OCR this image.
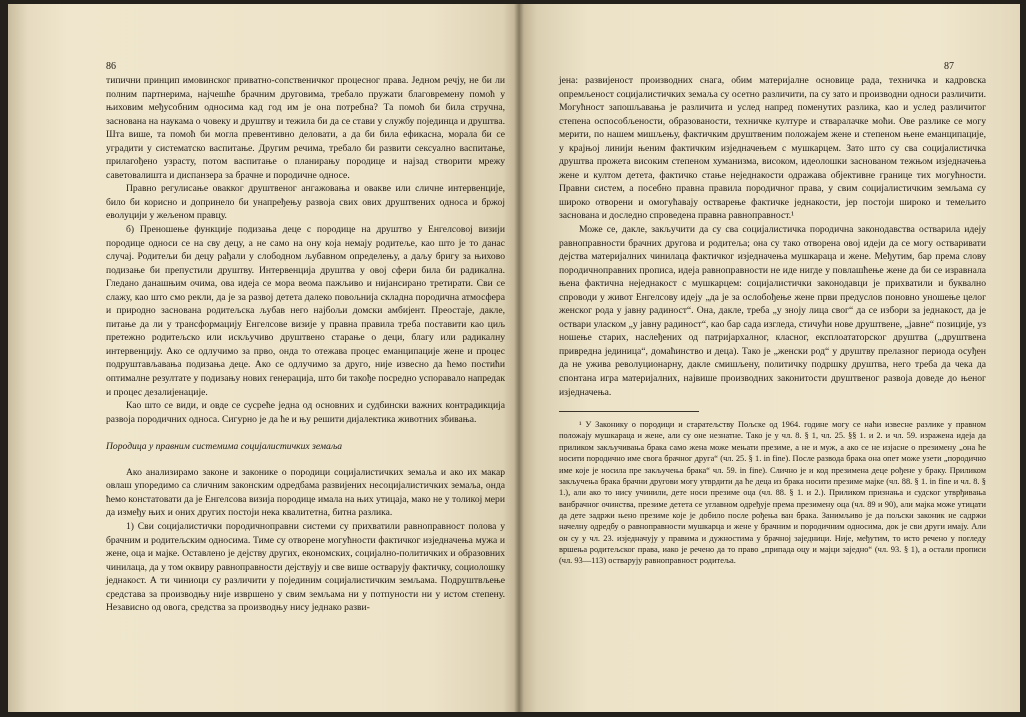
86

типични принцип имовинског приватно-сопственичког процесног права. Једном речју, не би ли полним партнерима, најчешће брачним друговима, требало пружати благовремену помоћ у њиховим међусобним односима кад год им је она потребна? Та помоћ би била стручна, заснована на наукама о човеку и друштву и тежила би да се стави у службу појединца и друштва. Шта више, та помоћ би могла превентивно деловати, а да би била ефикасна, морала би се уградити у систематско васпитање. Другим речима, требало би развити сексуално васпитање, прилагођено узрасту, потом васпитање о планирању породице и најзад створити мрежу саветовалишта и диспанзера за брачне и породичне односе.

Правно регулисање овакког друштвеног ангажовања и овакве или сличне интервенције, било би корисно и допринело би унапређењу развоја свих ових друштвених односа и бржој еволуцији у жељеном правцу.

б) Преношење функције подизања деце с породице на друштво у Енгелсовој визији породице односи се на сву децу, а не само на ону која немају родитеље, као што је то данас случај. Родитељи би децу рађали у слободном љубавном определењу, а даљу бригу за њихово подизање би препустили друштву. Интервенција друштва у овој сфери била би радикална. Гледано данашњим очима, ова идеја се мора веома пажљиво и нијансирано третирати. Сви се слажу, као што смо рекли, да је за развој детета далеко повољнија складна породична атмосфера и природно заснована родитељска љубав него најбољи домски амбијент. Преостаје, дакле, питање да ли у трансформацију Енгелсове визије у правна правила треба поставити као циљ претежно родитељско или искључиво друштвено старање о деци, благу или радикалну интервенцију. Ако се одлучимо за прво, онда то отежава процес еманципације жене и процес подруштављавања подизања деце. Ако се одлучимо за друго, није извесно да ћемо постићи оптималне резултате у подизању нових генерација, што би такође посредно успоравало напредак и процес дезалијенације.

Као што се види, и овде се сусреће једна од основних и судбински важних контрадикција развоја породичних односа. Сигурно је да ће и њу решити дијалектика животних збивања.

Породица у правним системима социјалистичких земаља

Ако анализирамо законе и законике о породици социјалистичких земаља и ако их макар овлаш упоредимо са сличним законским одредбама развијених несоцијалистичких земаља, онда ћемо констатовати да је Енгелсова визија породице имала на њих утицаја, мако не у толикој мери да између њих и оних других постоји нека квалитетна, битна разлика.

1) Сви социјалистички породичноправни системи су прихватили равноправност полова у брачним и родитељским односима. Тиме су отворене могућности фактичког изједначења мужа и жене, оца и мајке. Оставлено је дејству других, економских, социјално-политичких и образовних чинилаца, да у том оквиру равноправности дејствују и све више остварују фактичку, социолошку једнакост. А ти чиниоци су различити у појединим социјалистичким земљама. Подруштвљење средстава за производњу није извршено у свим земљама ни у потпуности ни у истом степену. Независно од овога, средства за производњу нису једнако разви-

87

јена: развијеност производних снага, обим материјалне основице рада, техничка и кадровска опремљеност социјалистичких земаља су осетно различити, па су зато и производни односи различити. Могућност запошљавања је различита и услед напред поменутих разлика, као и услед различитог степена оспособљености, образованости, техничке културе и стваралачке моћи. Ове разлике се могу мерити, по нашем мишљењу, фактичким друштвеним положајем жене и степеном њене еманципације, у крајњој линији њеним фактичким изједначењем с мушкарцем. Зато што су сва социјалистичка друштва прожета високим степеном хуманизма, високом, идеолошки заснованом тежњом изједначења жене и култом детета, фактичко стање неједнакости одражава објективне границе тих могућности. Правни систем, а посебно правна правила породичног права, у свим социјалистичким земљама су широко отворени и омогућавају остварење фактичке једнакости, јер постоји широко и темељито заснована и доследно спроведена правна равноправност.¹

Може се, дакле, закључити да су сва социјалистичка породична законодавства остварила идеју равноправности брачних другова и родитеља; она су тако отворена овој идеји да се могу остваривати дејства материјалних чинилаца фактичког изједначења мушкараца и жене. Међутим, бар према слову породичноправних прописа, идеја равноправности не иде нигде у повлашћење жене да би се изравнала њена фактична неједнакост с мушкарцем: социјалистички законодавци је прихватили и буквално спроводи у живот Енгелсову идеју „да је за ослобођење жене први предуслов поновно уношење целог женског рода у јавну радиност“. Она, дакле, треба „у знoју лица свог“ да се избори за једнакост, да је оствари уласком „у јавну радиност“, као бар сада изгледа, стичући нове друштвене, „јавне“ позиције, уз ношење старих, наслеђених од патријархалног, класног, експлоататорског друштва („друштвена привредна јединица“, домаћинство и деца). Тако је „женски род“ у друштву прелазног периода осуђен да не ужива револуционарну, дакле смишљену, политичку подршку друштва, него треба да чека да спонтана игра материјалних, највише производних законитости друштвеног развоја доведе до њеног изједначења.

¹ У Законику о породици и старатељству Пољске од 1964. године могу се наћи извесне разлике у правном положају мушкараца и жене, али су оне незнатне. Тако је у чл. 8. § 1, чл. 25. §§ 1. и 2. и чл. 59. изражена идеја да приликом закључивања брака само жена може мењати презиме, а не и муж, а ако се не изјасне о презимену „она ће носити породично име свога брачног друга“ (чл. 25. § 1. in fine). После развода брака она опет може узети „породично име које је носила пре закључења брака“ чл. 59. in fine). Слично је и код презимена деце рођене у браку. Приликом закључења брака брачни другови могу утврдити да ће деца из брака носити презиме мајке (чл. 88. § 1. in fine и чл. 8. § 1.), али ако то нису учинили, дете носи презиме оца (чл. 88. § 1. и 2.). Приликом признања и судског утврђивања ванбрачног очинства, презиме детета се углавном одређује према презимену оца (чл. 89 и 90), али мајка може утицати да дете задржи њено презиме које је добило после рођења ван брака. Занимљиво је да пољски законик не садржи начелну одредбу о равноправности мушкарца и жене у брачним и породичним односима, док је сви други имају. Али он су у чл. 23. изједначују у правима и дужностима у брачној заједници. Није, међутим, то исто речено у погледу вршења родитељског права, иако је речено да то право „припада оцу и мајци заједно“ (чл. 93. § 1), а остали прописи (чл. 93—113) остварују равноправност родитеља.
